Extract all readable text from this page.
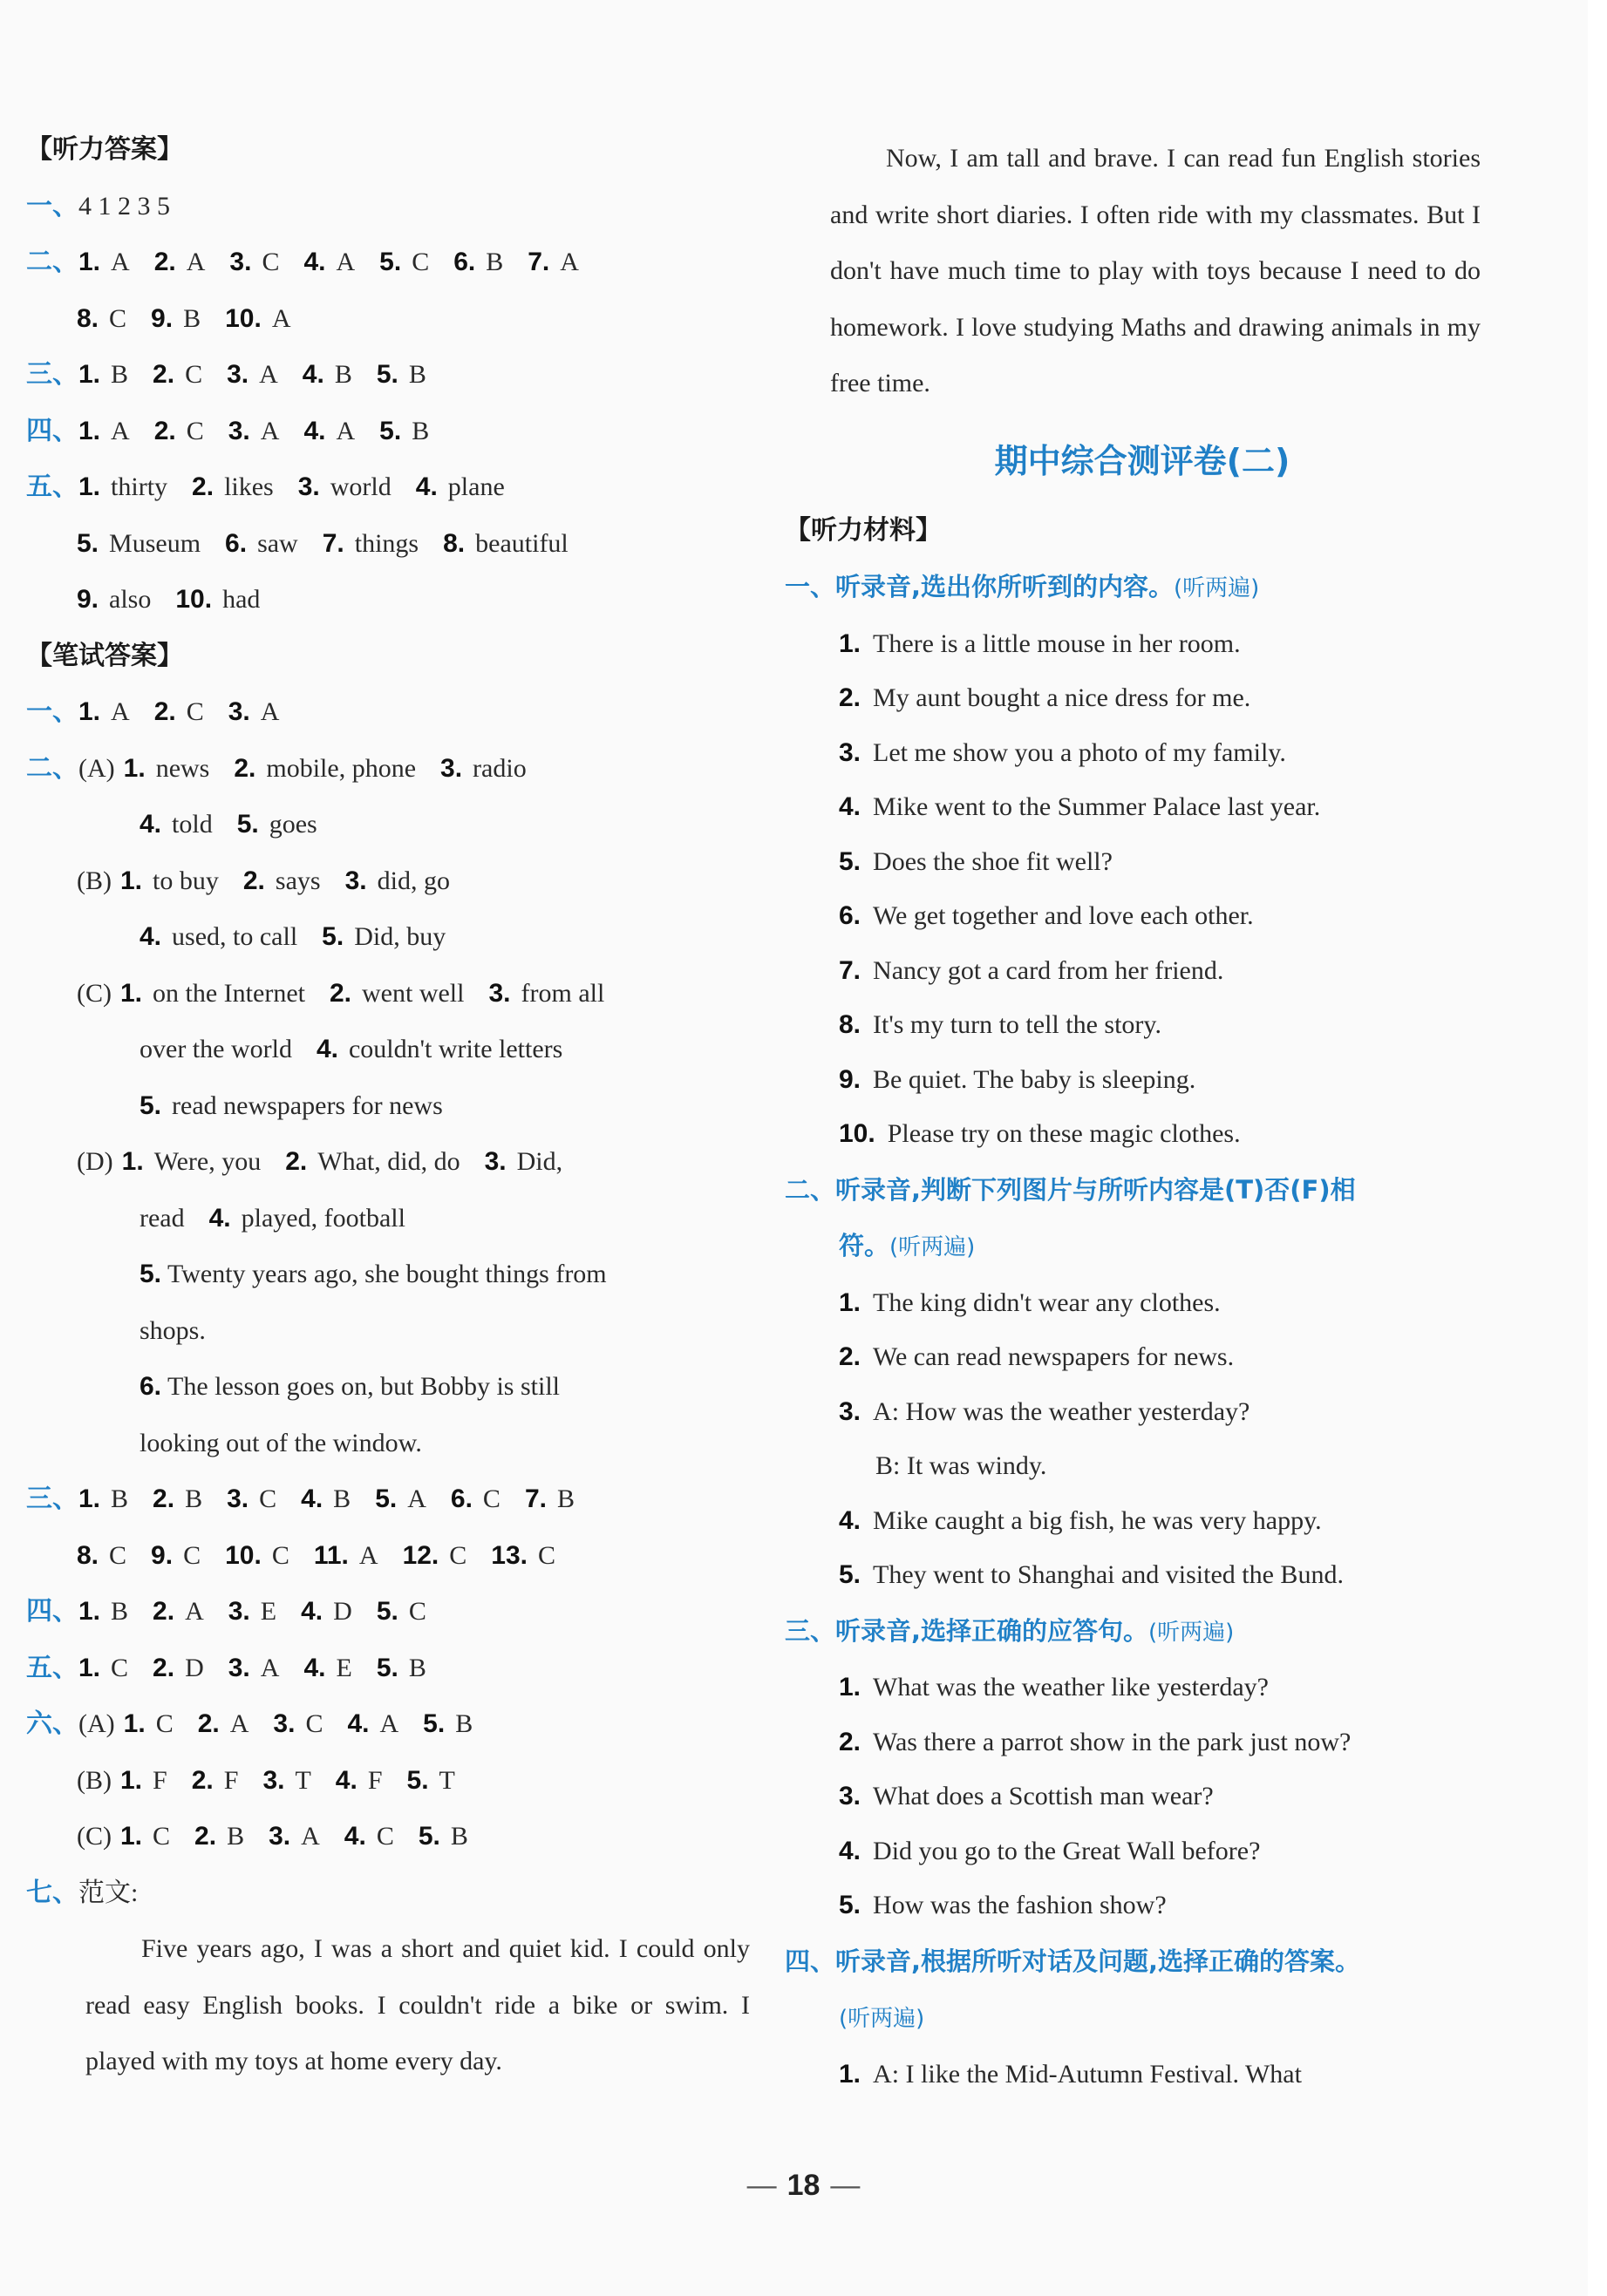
【听力答案】
一、4 1 2 3 5
二、1. A 2. A 3. C 4. A 5. C 6. B 7. A
8. C 9. B 10. A
三、1. B 2. C 3. A 4. B 5. B
四、1. A 2. C 3. A 4. A 5. B
五、1. thirty 2. likes 3. world 4. plane
5. Museum 6. saw 7. things 8. beautiful
9. also 10. had
【笔试答案】
一、1. A 2. C 3. A
二、(A) 1. news 2. mobile, phone 3. radio
4. told 5. goes
(B) 1. to buy 2. says 3. did, go
4. used, to call 5. Did, buy
(C) 1. on the Internet 2. went well 3. from all
over the world 4. couldn't write letters
5. read newspapers for news
(D) 1. Were, you 2. What, did, do 3. Did,
read 4. played, football
5. Twenty years ago, she bought things from
shops.
6. The lesson goes on, but Bobby is still
looking out of the window.
三、1. B 2. B 3. C 4. B 5. A 6. C 7. B
8. C 9. C 10. C 11. A 12. C 13. C
四、1. B 2. A 3. E 4. D 5. C
五、1. C 2. D 3. A 4. E 5. B
六、(A) 1. C 2. A 3. C 4. A 5. B
(B) 1. F 2. F 3. T 4. F 5. T
(C) 1. C 2. B 3. A 4. C 5. B
七、范文:
Five years ago, I was a short and quiet kid. I could only read easy English books. I couldn't ride a bike or swim. I played with my toys at home every day.
Now, I am tall and brave. I can read fun English stories and write short diaries. I often ride with my classmates. But I don't have much time to play with toys because I need to do homework. I love studying Maths and drawing animals in my free time.
期中综合测评卷(二)
【听力材料】
一、听录音,选出你所听到的内容。(听两遍)
1. There is a little mouse in her room.
2. My aunt bought a nice dress for me.
3. Let me show you a photo of my family.
4. Mike went to the Summer Palace last year.
5. Does the shoe fit well?
6. We get together and love each other.
7. Nancy got a card from her friend.
8. It's my turn to tell the story.
9. Be quiet. The baby is sleeping.
10. Please try on these magic clothes.
二、听录音,判断下列图片与所听内容是(T)否(F)相
符。(听两遍)
1. The king didn't wear any clothes.
2. We can read newspapers for news.
3. A: How was the weather yesterday?
B: It was windy.
4. Mike caught a big fish, he was very happy.
5. They went to Shanghai and visited the Bund.
三、听录音,选择正确的应答句。(听两遍)
1. What was the weather like yesterday?
2. Was there a parrot show in the park just now?
3. What does a Scottish man wear?
4. Did you go to the Great Wall before?
5. How was the fashion show?
四、听录音,根据所听对话及问题,选择正确的答案。
(听两遍)
1. A: I like the Mid-Autumn Festival. What
— 18 —
